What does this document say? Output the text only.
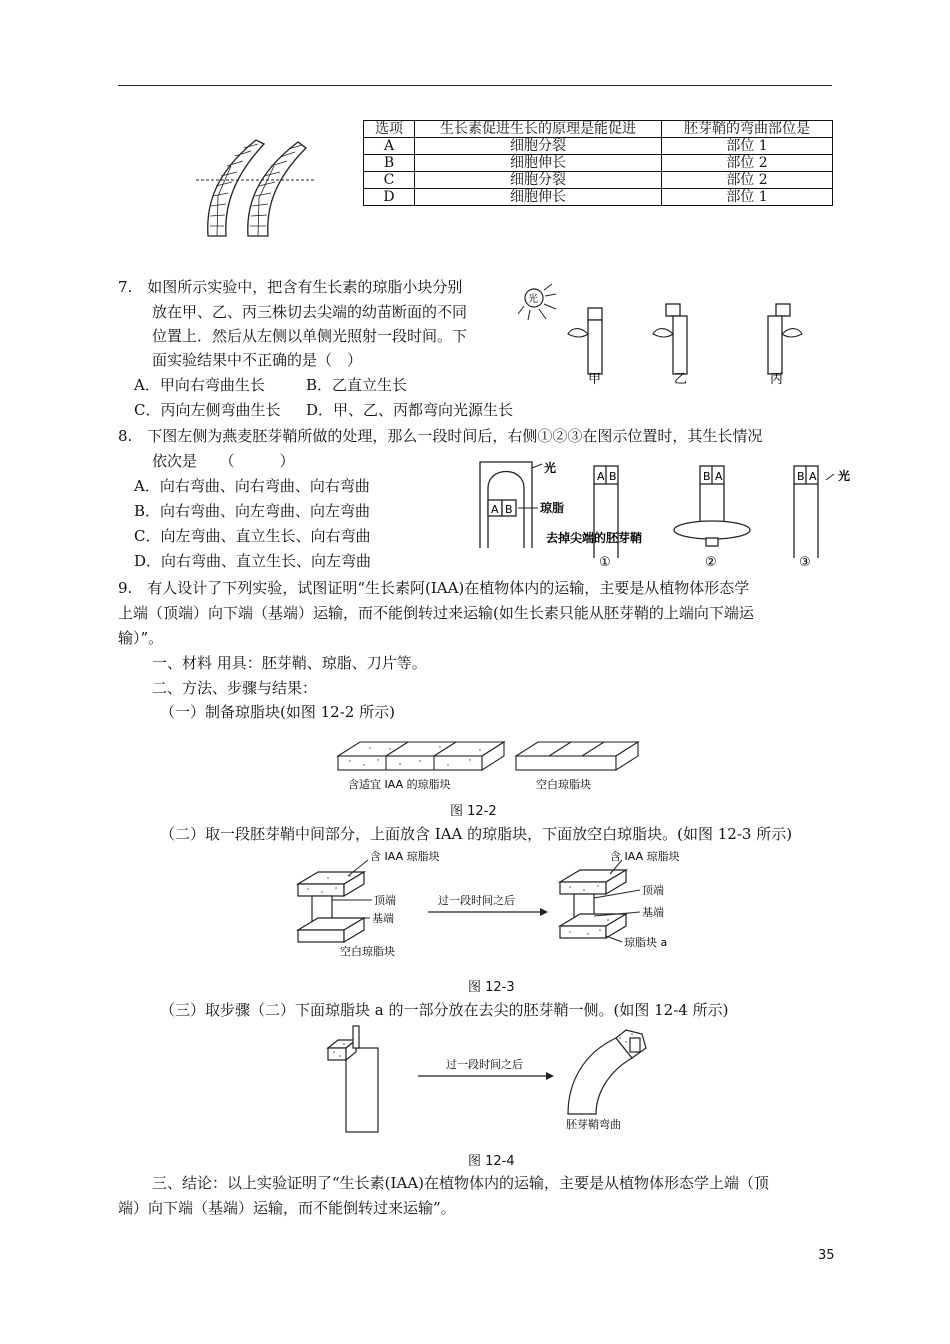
选项	生长素促进生长的原理是能促进	胚芽鞘的弯曲部位是
A	细胞分裂	部位 1
B	细胞伸长	部位 2
C	细胞分裂	部位 2
D	细胞伸长	部位 1
7.　如图所示实验中，把含有生长素的琼脂小块分别
放在甲、乙、丙三株切去尖端的幼苗断面的不同
位置上．然后从左侧以单侧光照射一段时间。下
面实验结果中不正确的是（　）
A．甲向右弯曲生长	B．乙直立生长
C．丙向左侧弯曲生长 D．甲、乙、丙都弯向光源生长
光
甲	乙	丙
8.　下图左侧为燕麦胚芽鞘所做的处理，那么一段时间后，右侧①②③在图示位置时，其生长情况
依次是　　（　　　）
A．向右弯曲、向右弯曲、向右弯曲
B．向右弯曲、向左弯曲、向左弯曲
C．向左弯曲、直立生长、向右弯曲
D．向右弯曲、直立生长、向左弯曲
A B
光
琼脂
去掉尖端的胚芽鞘
A B	B A	B A 光
①	②	③
9.　有人设计了下列实验，试图证明“生长素阿(IAA)在植物体内的运输，主要是从植物体形态学
上端（顶端）向下端（基端）运输，而不能倒转过来运输(如生长素只能从胚芽鞘的上端向下端运
输）”。
一、材料 用具：胚芽鞘、琼脂、刀片等。
二、方法、步骤与结果：
（一）制备琼脂块(如图 12-2 所示)
含适宜 IAA 的琼脂块	空白琼脂块
图 12-2
（二）取一段胚芽鞘中间部分，上面放含 IAA 的琼脂块，下面放空白琼脂块。(如图 12-3 所示)
含 IAA 琼脂块
顶端
基端
空白琼脂块
过一段时间之后
含 IAA 琼脂块
顶端
基端
琼脂块 a
图 12-3
（三）取步骤（二）下面琼脂块 a 的一部分放在去尖的胚芽鞘一侧。(如图 12-4 所示)
过一段时间之后
胚芽鞘弯曲
图 12-4
三、结论：以上实验证明了“生长素(IAA)在植物体内的运输，主要是从植物体形态学上端（顶
端）向下端（基端）运输，而不能倒转过来运输”。
35
